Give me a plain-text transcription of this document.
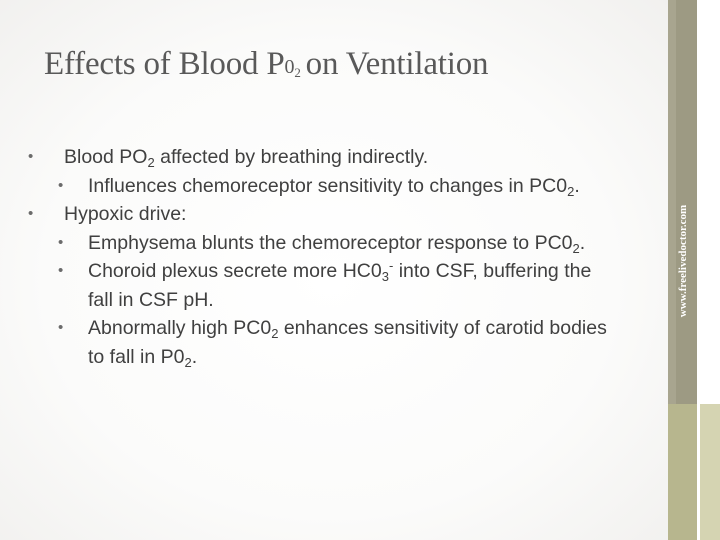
Effects of Blood $P0_2$ on Ventilation
• Blood $PO_2$ affected by breathing indirectly.
• Influences chemoreceptor sensitivity to changes in $PC0_2$.
• Hypoxic drive:
• Emphysema blunts the chemoreceptor response to $PC0_2$.
• Choroid plexus secrete more $HC0_3^-$ into CSF, buffering the
fall in CSF pH.
• Abnormally high $PC0_2$ enhances sensitivity of carotid bodies
to fall in $P0_2$.
www.freelivedoctor.com
